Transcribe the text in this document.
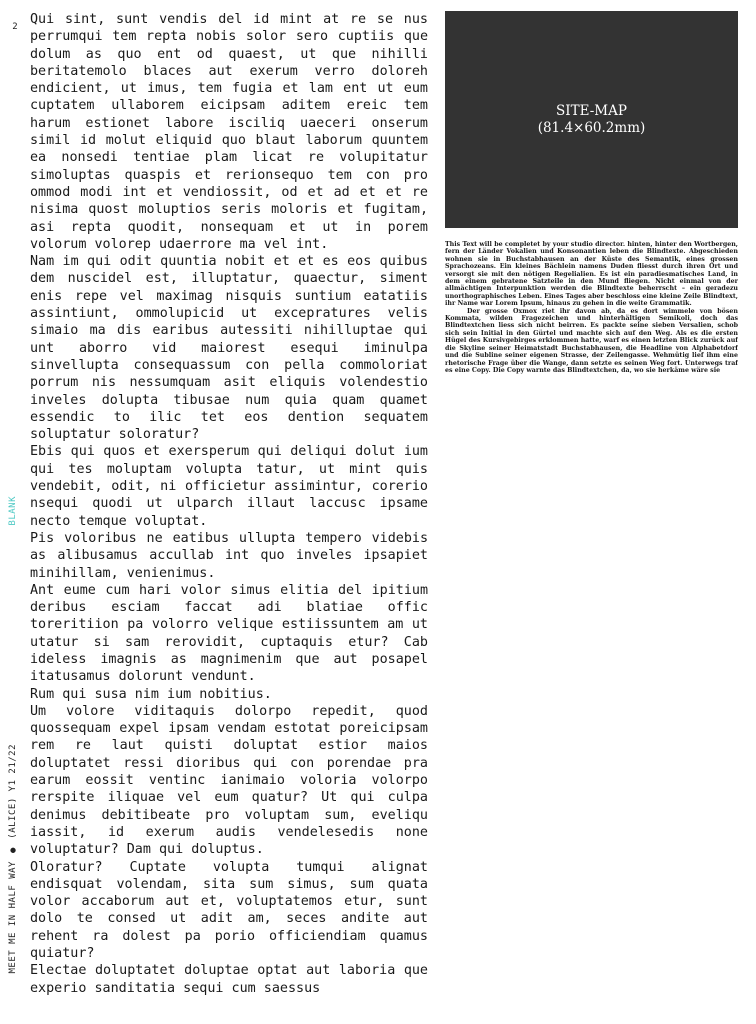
2
BLANK
MEET ME IN HALF WAY ● (ALICE) Y1 21/22

Qui sint, sunt vendis del id mint at re se nus perrumqui tem repta nobis solor sero cuptiis que dolum as quo ent od quaest, ut que nihilli beritatemolo blaces aut exerum verro doloreh endicient, ut imus, tem fugia et lam ent ut eum cuptatem ullaborem eicipsam aditem ereic tem harum estionet labore isciliq uaeceri onserum simil id molut eliquid quo blaut laborum quuntem ea nonsedi tentiae plam licat re volupitatur simoluptas quaspis et rerionsequo tem con pro ommod modi int et vendiossit, od et ad et et re nisima quost moluptios seris moloris et fugitam, asi repta quodit, nonsequam et ut in porem volorum volorep udaerrore ma vel int.

Nam im qui odit quuntia nobit et et es eos quibus dem nuscidel est, illuptatur, quaectur, siment enis repe vel maximag nisquis suntium eatatiis assintiunt, ommolupicid ut excepratures velis simaio ma dis earibus autessiti nihilluptae qui unt aborro vid maiorest esequi iminulpa sinvellupta consequassum con pella commoloriat porrum nis nessumquam asit eliquis volendestio inveles dolupta tibusae num quia quam quamet essendic to ilic tet eos dention sequatem soluptatur soloratur?

Ebis qui quos et exersperum qui deliqui dolut ium qui tes moluptam volupta tatur, ut mint quis vendebit, odit, ni officietur assimintur, corerio nsequi quodi ut ulparch illaut laccusc ipsame necto temque voluptat.

Pis voloribus ne eatibus ullupta tempero videbis as alibusamus accullab int quo inveles ipsapiet minihillam, venienimus.

Ant eume cum hari volor simus elitia del ipitium deribus esciam faccat adi blatiae offic toreritiion pa volorro velique estiissuntem am ut utatur si sam rerovidit, cuptaquis etur? Cab ideless imagnis as magnimenim que aut posapel itatusamus dolorunt vendunt.

Rum qui susa nim ium nobitius.

Um volore viditaquis dolorpo repedit, quod quossequam expel ipsam vendam estotat poreicipsam rem re laut quisti doluptat estior maios doluptatet ressi dioribus qui con porendae pra earum eossit ventinc ianimaio voloria volorpo rerspite iliquae vel eum quatur? Ut qui culpa denimus debitibeate pro voluptam sum, eveliqu iassit, id exerum audis vendelesedis none voluptatur? Dam qui doluptus.

Oloratur? Cuptate volupta tumqui alignat endisquat volendam, sita sum simus, sum quata volor accaborum aut et, voluptatemos etur, sunt dolo te consed ut adit am, seces andite aut rehent ra dolest pa porio officiendiam quamus quiatur?

Electae doluptatet doluptae optat aut laboria que experio sanditatia sequi cum saessus

SITE-MAP
(81.4×60.2mm)

This Text will be completet by your studio director. hinten, hinter den Wortbergen, fern der Länder Vokalien und Konsonantien leben die Blindtexte. Abgeschieden wohnen sie in Buchstabhausen an der Küste des Semantik, eines grossen Sprachozeans. Ein kleines Bächlein namens Duden fliesst durch ihren Ort und versorgt sie mit den nötigen Regelialien. Es ist ein paradiesmatisches Land, in dem einem gebratene Satzteile in den Mund fliegen. Nicht einmal von der allmächtigen Interpunktion werden die Blindtexte beherrscht – ein geradezu unorthographisches Leben. Eines Tages aber beschloss eine kleine Zeile Blindtext, ihr Name war Lorem Ipsum, hinaus zu gehen in die weite Grammatik.

Der grosse Oxmox riet ihr davon ab, da es dort wimmele von bösen Kommata, wilden Fragezeichen und hinterhältigen Semikoli, doch das Blindtextchen liess sich nicht beirren. Es packte seine sieben Versalien, schob sich sein Initial in den Gürtel und machte sich auf den Weg. Als es die ersten Hügel des Kursivgebirges erklommen hatte, warf es einen letzten Blick zurück auf die Skyline seiner Heimatstadt Buchstabhausen, die Headline von Alphabetdorf und die Subline seiner eigenen Strasse, der Zeilengasse. Wehmütig lief ihm eine rhetorische Frage über die Wange, dann setzte es seinen Weg fort. Unterwegs traf es eine Copy. Die Copy warnte das Blindtextchen, da, wo sie herkäme wäre sie
